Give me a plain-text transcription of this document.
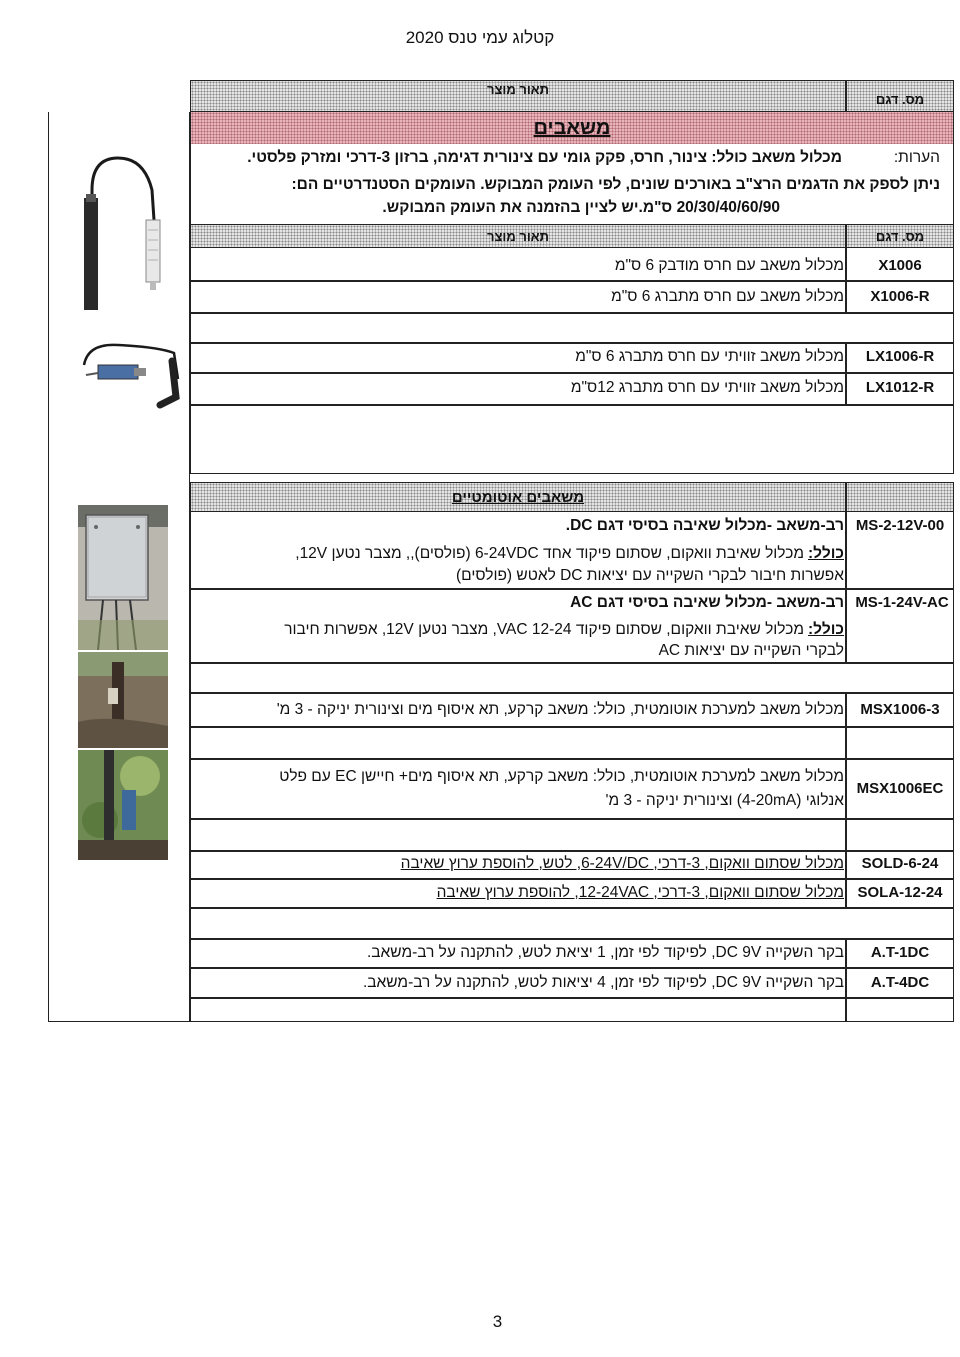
קטלוג עמי טנס 2020
תאור מוצר
מס. דגם
משאבים
הערות:
מכלול משאב כולל: צינור, חרס, פקק גומי עם צינורית דגימה, ברזון 3-דרכי ומזרק פלסטי.
ניתן לספק את הדגמים הרצ"ב באורכים שונים, לפי העומק המבוקש. העומקים הסטנדרטיים הם:
20/30/40/60/90 ס"מ.יש לציין בהזמנה את העומק המבוקש.
תאור מוצר	מס. דגם
X1006
מכלול משאב עם חרס מודבק 6 ס"מ
X1006-R
מכלול משאב עם חרס מתברג 6 ס"מ
LX1006-R
מכלול משאב זוויתי עם חרס מתברג 6 ס"מ
LX1012-R
מכלול משאב זוויתי עם חרס מתברג 12ס"מ
משאבים אוטומטיים
MS-2-12V-00
רב-משאב -מכלול שאיבה בסיסי דגם DC.
כולל:
מכלול שאיבת וואקום, שסתום פיקוד אחד 6-24VDC (פולסים),, מצבר נטען 12V,
אפשרות חיבור לבקרי השקייה עם יציאות DC לאטש (פולסים)
MS-1-24V-AC
רב-משאב -מכלול שאיבה בסיסי דגם AC
כולל:
מכלול שאיבת וואקום, שסתום פיקוד VAC 12-24, מצבר נטען 12V, אפשרות חיבור
לבקרי השקייה עם יציאות AC
MSX1006-3
מכלול משאב למערכת אוטומטית, כולל: משאב קרקע, תא איסוף מים וצינורית יניקה - 3 מ'
MSX1006EC
מכלול משאב למערכת אוטומטית, כולל: משאב קרקע, תא איסוף מים+ חיישן EC עם פלט
אנלוגי (4-20mA) וצינורית יניקה - 3 מ'
SOLD-6-24
מכלול שסתום וואקום, 3-דרכי, 6-24V/DC, לטש, להוספת ערוץ שאיבה
SOLA-12-24
מכלול שסתום וואקום, 3-דרכי, 12-24VAC, להוספת ערוץ שאיבה
A.T-1DC
בקר השקייה DC 9V, לפיקוד לפי זמן, 1 יציאת לטש, להתקנה על רב-משאב.
A.T-4DC
בקר השקייה DC 9V, לפיקוד לפי זמן, 4 יציאות לטש, להתקנה על רב-משאב.
3
